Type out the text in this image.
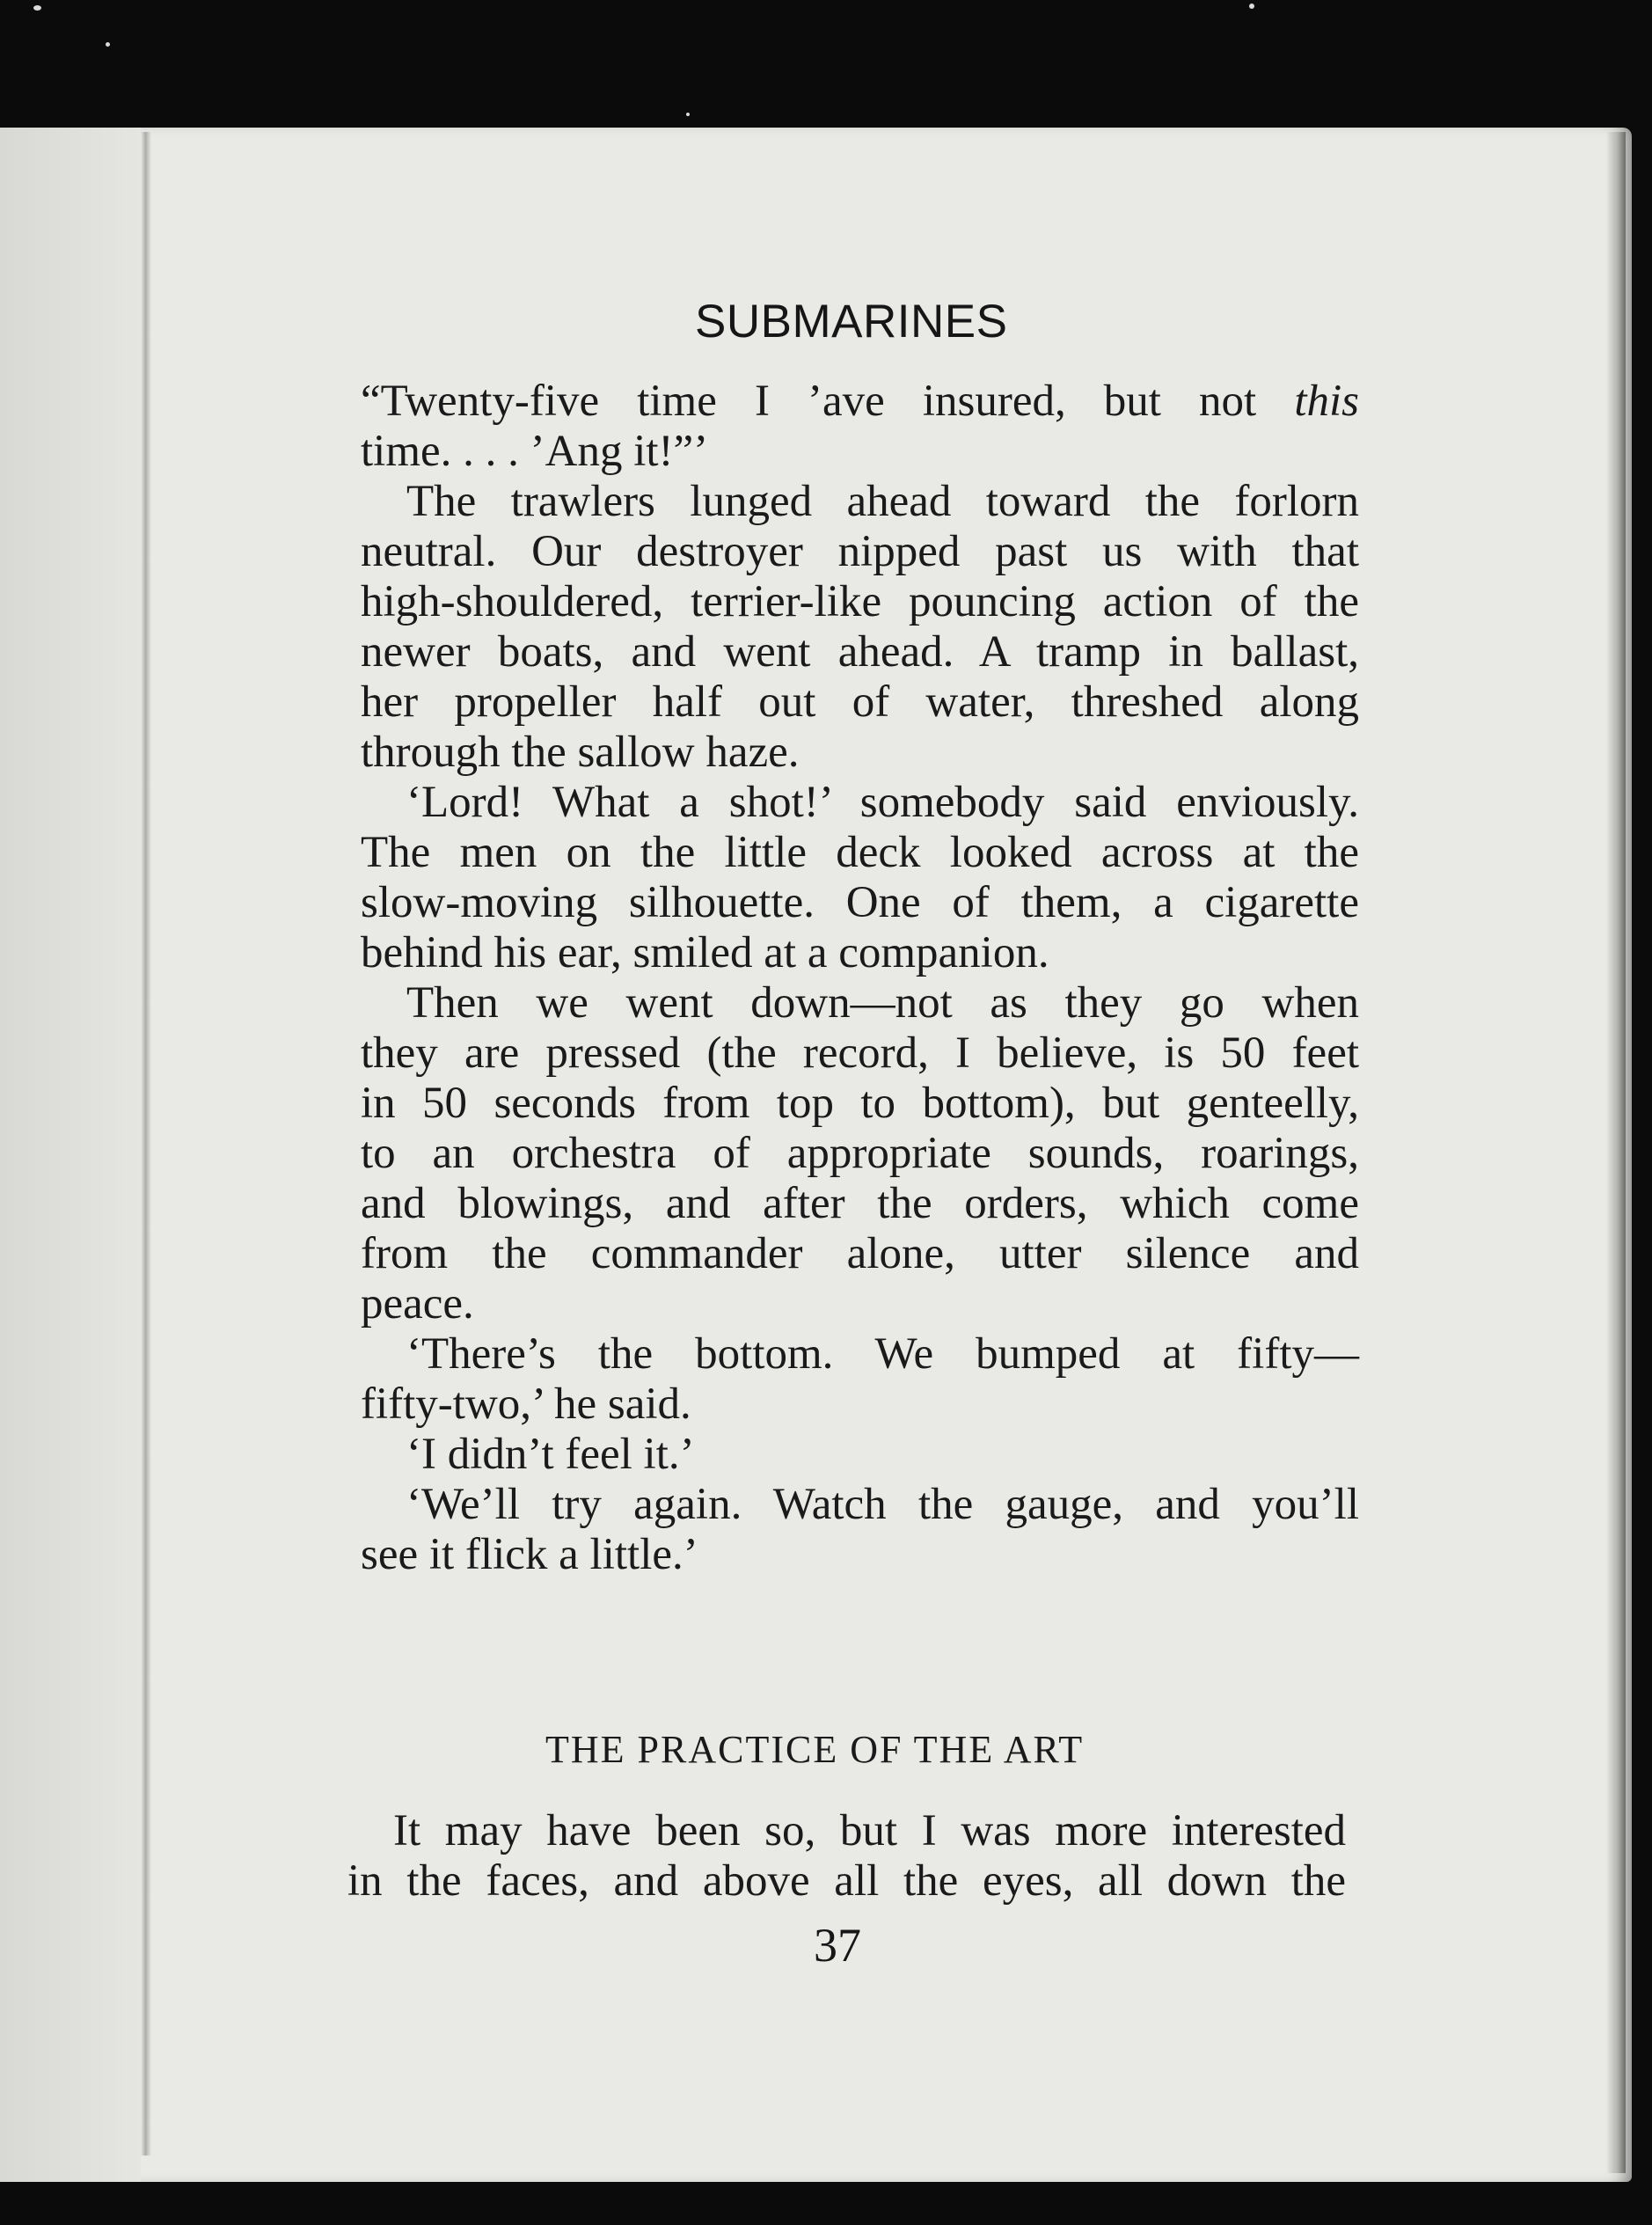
SUBMARINES
“Twenty-five time I ’ave insured, but not this
time. . . . ’Ang it!”’
The trawlers lunged ahead toward the forlorn
neutral. Our destroyer nipped past us with that
high-shouldered, terrier-like pouncing action of the
newer boats, and went ahead. A tramp in ballast,
her propeller half out of water, threshed along
through the sallow haze.
‘Lord! What a shot!’ somebody said enviously.
The men on the little deck looked across at the
slow-moving silhouette. One of them, a cigarette
behind his ear, smiled at a companion.
Then we went down—not as they go when
they are pressed (the record, I believe, is 50 feet
in 50 seconds from top to bottom), but genteelly,
to an orchestra of appropriate sounds, roarings,
and blowings, and after the orders, which come
from the commander alone, utter silence and
peace.
‘There’s the bottom. We bumped at fifty—
fifty-two,’ he said.
‘I didn’t feel it.’
‘We’ll try again. Watch the gauge, and you’ll
see it flick a little.’
THE PRACTICE OF THE ART
It may have been so, but I was more interested
in the faces, and above all the eyes, all down the
37
